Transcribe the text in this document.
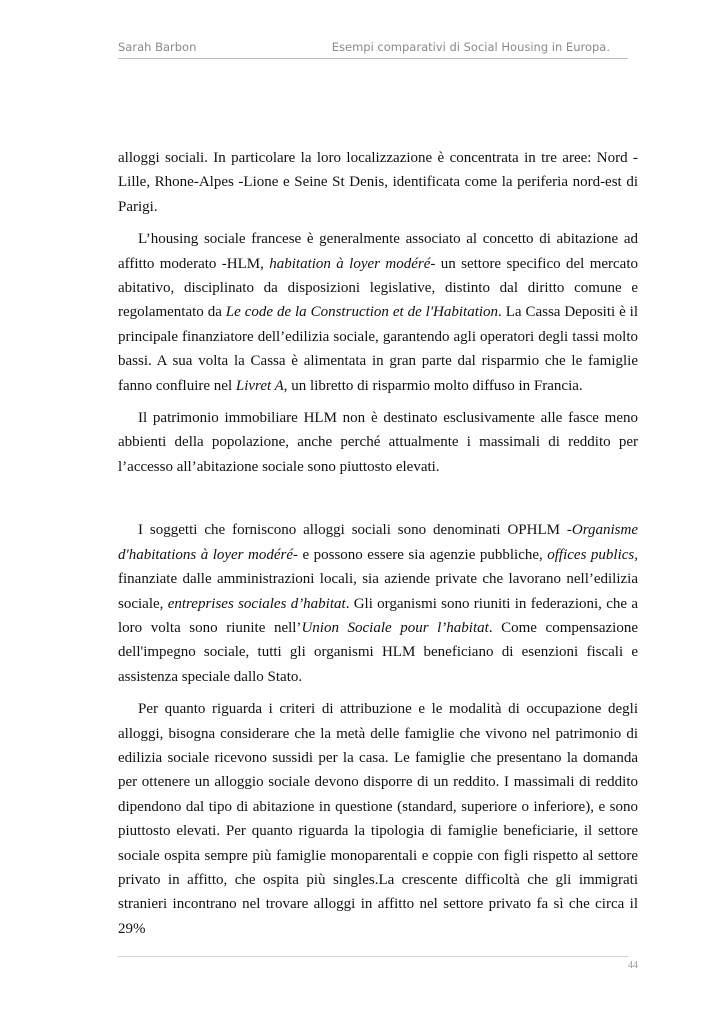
Sarah Barbon	Esempi comparativi di Social Housing in Europa.

alloggi sociali. In particolare la loro localizzazione è concentrata in tre aree: Nord -Lille, Rhone-Alpes -Lione e Seine St Denis, identificata come la periferia nord-est di Parigi.

L’housing sociale francese è generalmente associato al concetto di abitazione ad affitto moderato -HLM, habitation à loyer modéré- un settore specifico del mercato abitativo, disciplinato da disposizioni legislative, distinto dal diritto comune e regolamentato da Le code de la Construction et de l'Habitation. La Cassa Depositi è il principale finanziatore dell’edilizia sociale, garantendo agli operatori degli tassi molto bassi. A sua volta la Cassa è alimentata in gran parte dal risparmio che le famiglie fanno confluire nel Livret A, un libretto di risparmio molto diffuso in Francia.

Il patrimonio immobiliare HLM non è destinato esclusivamente alle fasce meno abbienti della popolazione, anche perché attualmente i massimali di reddito per l’accesso all’abitazione sociale sono piuttosto elevati.

I soggetti che forniscono alloggi sociali sono denominati OPHLM -Organisme d'habitations à loyer modéré- e possono essere sia agenzie pubbliche, offices publics, finanziate dalle amministrazioni locali, sia aziende private che lavorano nell’edilizia sociale, entreprises sociales d’habitat. Gli organismi sono riuniti in federazioni, che a loro volta sono riunite nell’Union Sociale pour l’habitat. Come compensazione dell'impegno sociale, tutti gli organismi HLM beneficiano di esenzioni fiscali e assistenza speciale dallo Stato.

Per quanto riguarda i criteri di attribuzione e le modalità di occupazione degli alloggi, bisogna considerare che la metà delle famiglie che vivono nel patrimonio di edilizia sociale ricevono sussidi per la casa. Le famiglie che presentano la domanda per ottenere un alloggio sociale devono disporre di un reddito. I massimali di reddito dipendono dal tipo di abitazione in questione (standard, superiore o inferiore), e sono piuttosto elevati. Per quanto riguarda la tipologia di famiglie beneficiarie, il settore sociale ospita sempre più famiglie monoparentali e coppie con figli rispetto al settore privato in affitto, che ospita più singles.La crescente difficoltà che gli immigrati stranieri incontrano nel trovare alloggi in affitto nel settore privato fa sì che circa il 29%

44
